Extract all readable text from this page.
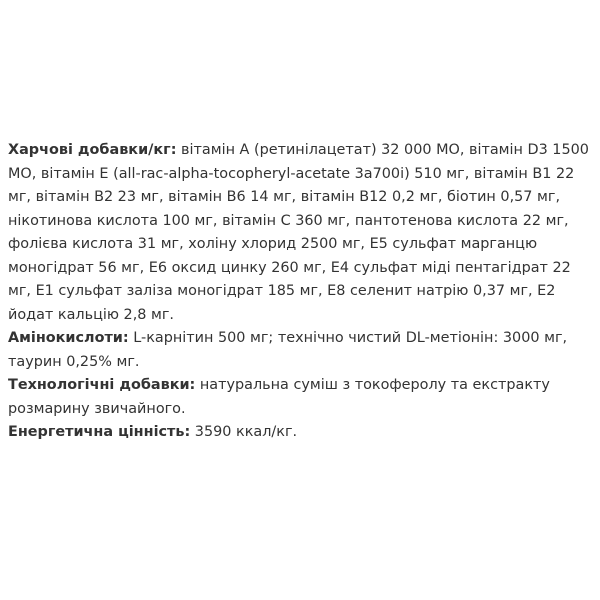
Харчові добавки/кг: вітамін А (ретинілацетат) 32 000 МО, вітамін D3 1500 МО, вітамін Е (all-rac-alpha-tocopheryl-acetate 3a700i) 510 мг, вітамін В1 22 мг, вітамін В2 23 мг, вітамін В6 14 мг, вітамін В12 0,2 мг, біотин 0,57 мг, нікотинова кислота 100 мг, вітамін С 360 мг, пантотенова кислота 22 мг, фолієва кислота 31 мг, холіну хлорид 2500 мг, Е5 сульфат марганцю моногідрат 56 мг, Е6 оксид цинку 260 мг, Е4 сульфат міді пентагідрат 22 мг, Е1 сульфат заліза моногідрат 185 мг, Е8 селенит натрію 0,37 мг, Е2 йодат кальцію 2,8 мг.

Амінокислоти: L-карнітин 500 мг; технічно чистий DL-метіонін: 3000 мг, таурин 0,25% мг.

Технологічні добавки: натуральна суміш з токоферолу та екстракту розмарину звичайного.

Енергетична цінність: 3590 ккал/кг.
